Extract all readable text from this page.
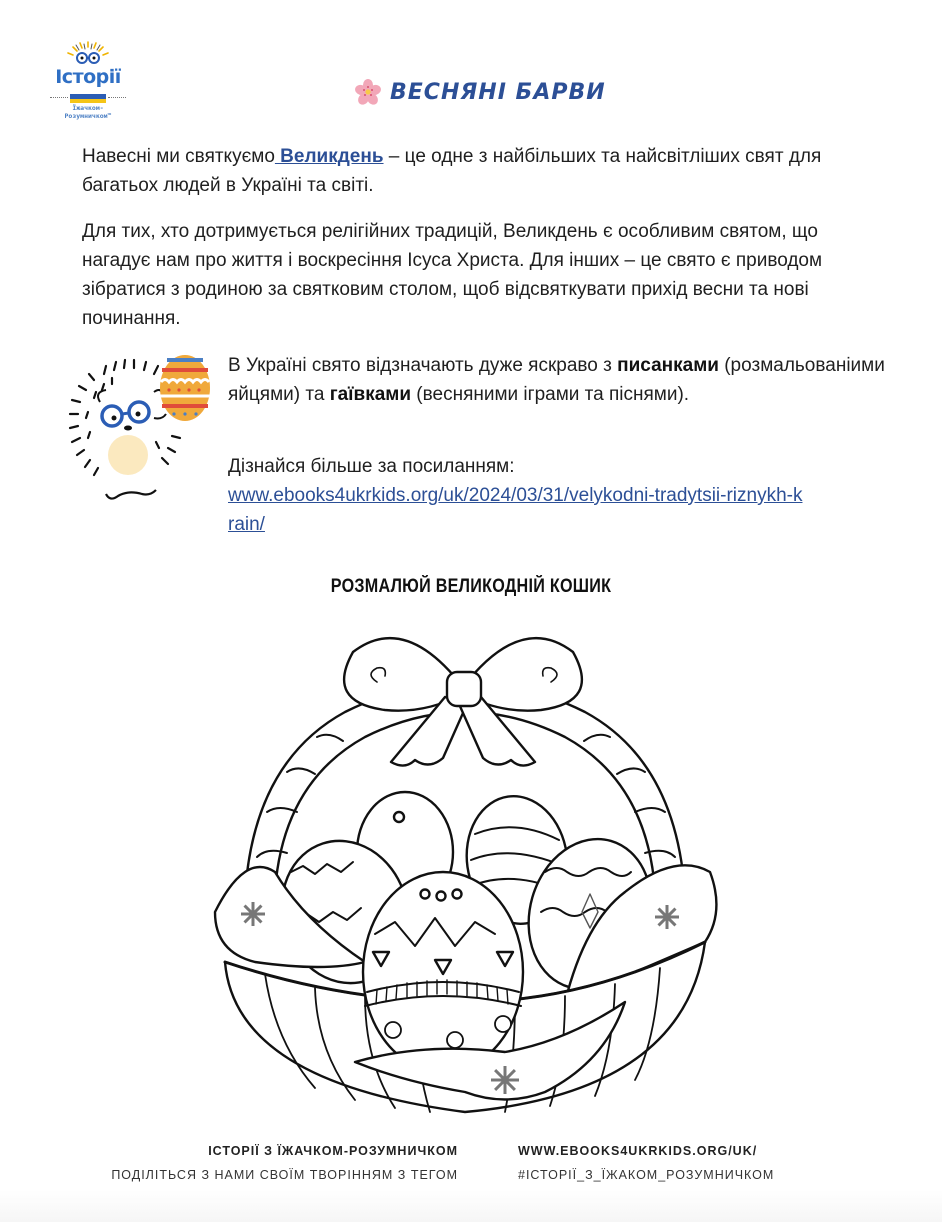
Історії
Їжачком-
Розумничком™
ВЕСНЯНІ БАРВИ
Навесні ми святкуємо Великдень – це одне з найбільших та найсвітліших свят для багатьох людей в Україні та світі.
Для тих, хто дотримується релігійних традицій, Великдень є особливим святом, що нагадує нам про життя і воскресіння Ісуса Христа. Для інших – це свято є приводом зібратися з родиною за святковим столом, щоб відсвяткувати прихід весни та нові починання.
В Україні свято відзначають дуже яскраво з писанками (розмальованіими яйцями) та гаївками (весняними іграми та піснями).
Дізнайся більше за посиланням:
www.ebooks4ukrkids.org/uk/2024/03/31/velykodni-tradytsii-riznykh-krain/
РОЗМАЛЮЙ ВЕЛИКОДНІЙ КОШИК
ІСТОРІЇ З ЇЖАЧКОМ-РОЗУМНИЧКОМ	WWW.EBOOKS4UKRKIDS.ORG/UK/
ПОДІЛІТЬСЯ З НАМИ СВОЇМ ТВОРІННЯМ З ТЕГОМ	#ІСТОРІЇ_З_ЇЖАКОМ_РОЗУМНИЧКОМ
